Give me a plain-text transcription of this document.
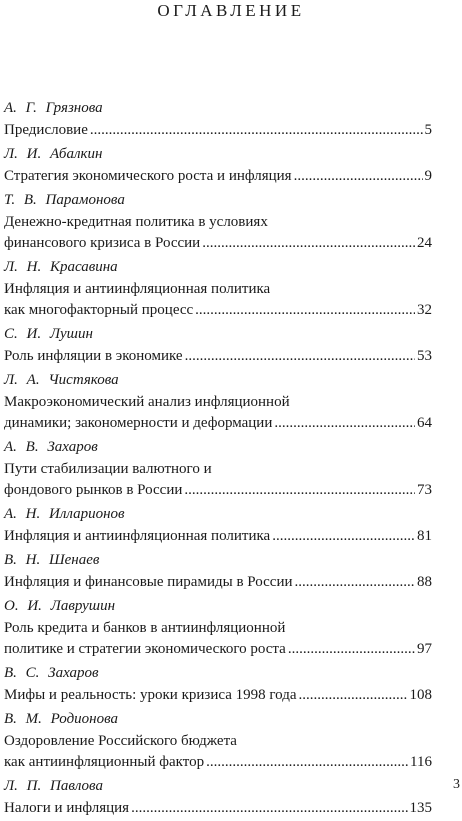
ОГЛАВЛЕНИЕ
А. Г. Грязнова
Предисловие .....	5
Л. И. Абалкин
Стратегия экономического роста и инфляция .....	9
Т. В. Парамонова
Денежно-кредитная политика в условиях
финансового кризиса в России .....	24
Л. Н. Красавина
Инфляция и антиинфляционная политика
как многофакторный процесс .....	32
С. И. Лушин
Роль инфляции в экономике .....	53
Л. А. Чистякова
Макроэкономический анализ инфляционной
динамики; закономерности и деформации .....	64
А. В. Захаров
Пути стабилизации валютного и
фондового рынков в России .....	73
А. Н. Илларионов
Инфляция и антиинфляционная политика .....	81
В. Н. Шенаев
Инфляция и финансовые пирамиды в России .....	88
О. И. Лаврушин
Роль кредита и банков в антиинфляционной
политике и стратегии экономического роста .....	97
В. С. Захаров
Мифы и реальность: уроки кризиса 1998 года .....	108
В. М. Родионова
Оздоровление Российского бюджета
как антиинфляционный фактор .....	116
Л. П. Павлова
Налоги и инфляция .....	135
3
